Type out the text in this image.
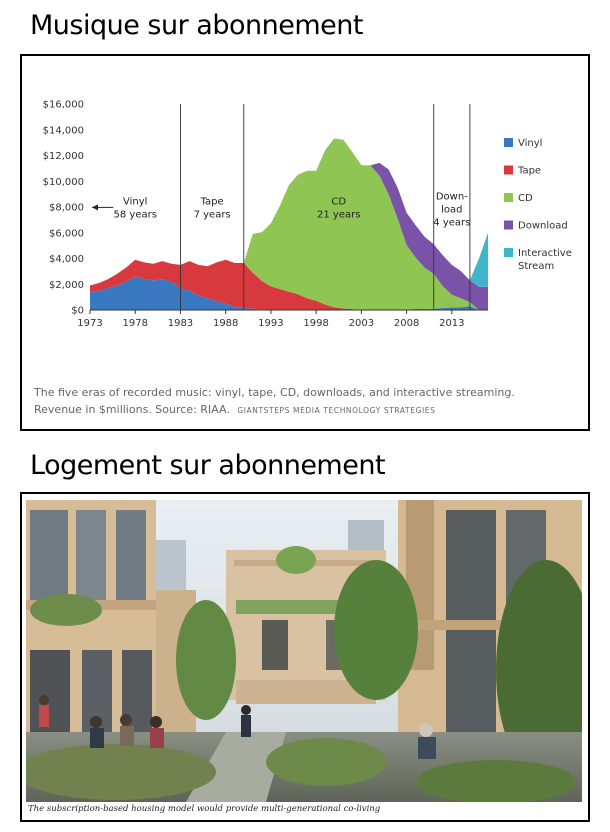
Musique sur abonnement
$0
$2,000
$4,000
$6,000
$8,000
$10,000
$12,000
$14,000
$16,000
1973 1978 1983 1988 1993 1998 2003 2008 2013
Vinyl
58 years
Tape
7 years
CD
21 years
Down-
load
4 years
Vinyl
Tape
CD
Download
Interactive
Stream
The five eras of recorded music: vinyl, tape, CD, downloads, and interactive streaming. Revenue in $millions. Source: RIAA. GIANTSTEPS MEDIA TECHNOLOGY STRATEGIES
Logement sur abonnement
The subscription-based housing model would provide multi-generational co-living
